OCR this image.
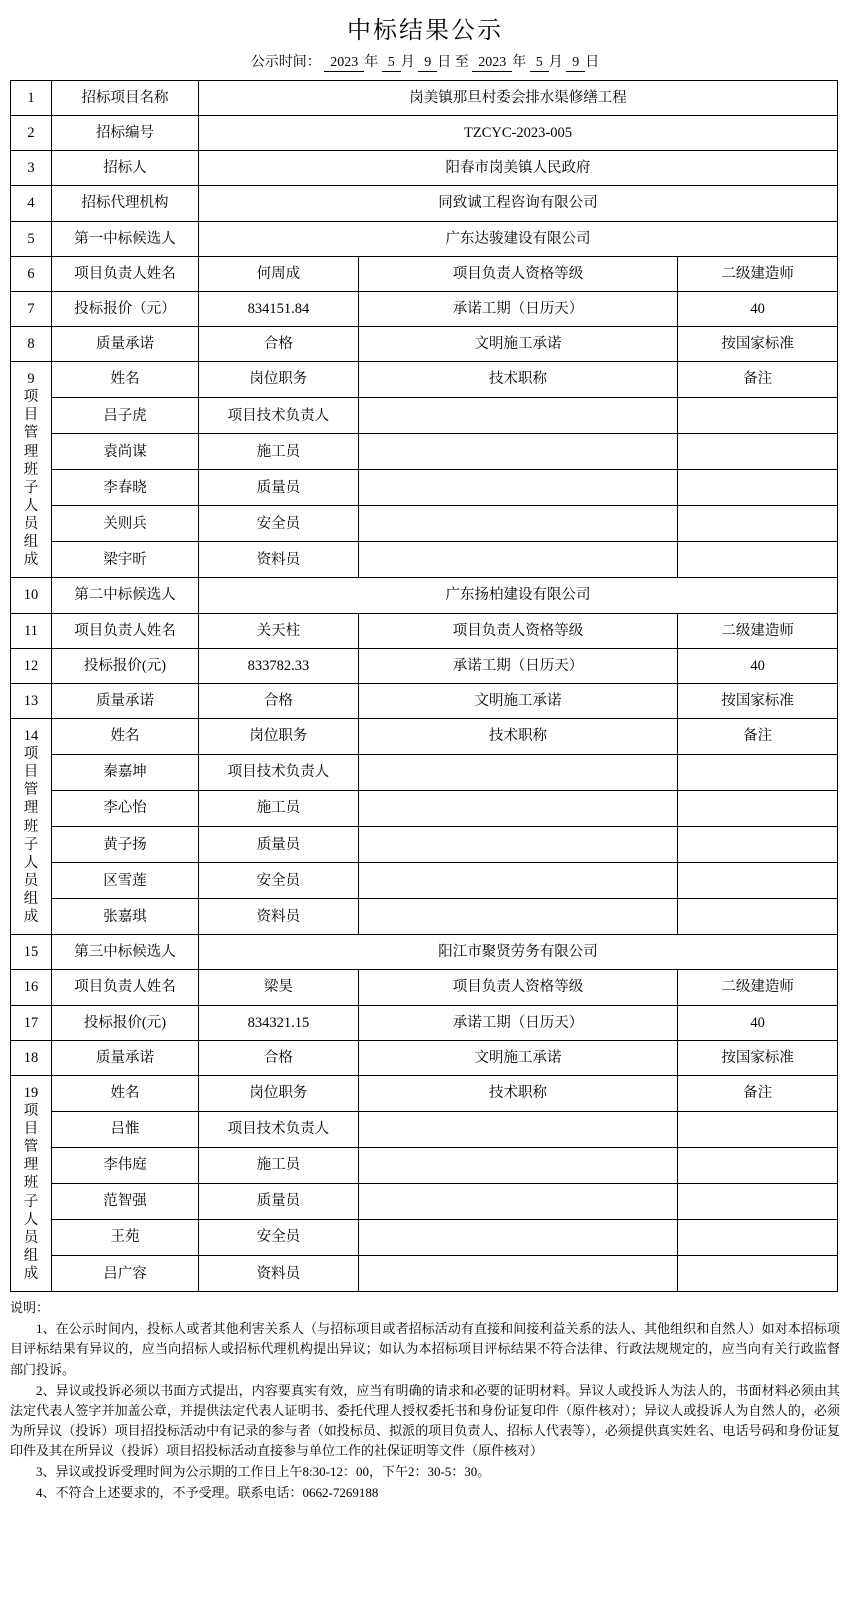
中标结果公示
公示时间： 2023 年 5 月 9 日 至 2023 年 5 月 9 日
1	招标项目名称	岗美镇那旦村委会排水渠修缮工程		
2	招标编号	TZCYC-2023-005		
3	招标人	阳春市岗美镇人民政府		
4	招标代理机构	同致诚工程咨询有限公司		
5	第一中标候选人	广东达骏建设有限公司		
6	项目负责人姓名	何周成	项目负责人资格等级	二级建造师
7	投标报价（元）	834151.84	承诺工期（日历天）	40
8	质量承诺	合格	文明施工承诺	按国家标准

9
项目管理班子人员组成	姓名	岗位职务	技术职称	备注
	吕子虎	项目技术负责人		
	袁尚谋	施工员		
	李春晓	质量员		
	关则兵	安全员		
	梁宇昕	资料员		
10	第二中标候选人	广东扬柏建设有限公司		
11	项目负责人姓名	关天柱	项目负责人资格等级	二级建造师
12	投标报价(元)	833782.33	承诺工期（日历天）	40
13	质量承诺	合格	文明施工承诺	按国家标准

14
项目管理班子人员组成	姓名	岗位职务	技术职称	备注
	秦嘉坤	项目技术负责人		
	李心怡	施工员		
	黄子扬	质量员		
	区雪莲	安全员		
	张嘉琪	资料员		
15	第三中标候选人	阳江市聚贤劳务有限公司		
16	项目负责人姓名	梁昊	项目负责人资格等级	二级建造师
17	投标报价(元)	834321.15	承诺工期（日历天）	40
18	质量承诺	合格	文明施工承诺	按国家标准

19
项目管理班子人员组成	姓名	岗位职务	技术职称	备注
	吕惟	项目技术负责人		
	李伟庭	施工员		
	范智强	质量员		
	王苑	安全员		
	吕广容	资料员		

说明：

1、在公示时间内，投标人或者其他利害关系人（与招标项目或者招标活动有直接和间接利益关系的法人、其他组织和自然人）如对本招标项目评标结果有异议的，应当向招标人或招标代理机构提出异议；如认为本招标项目评标结果不符合法律、行政法规规定的，应当向有关行政监督部门投诉。

2、异议或投诉必须以书面方式提出，内容要真实有效，应当有明确的请求和必要的证明材料。异议人或投诉人为法人的，书面材料必须由其法定代表人签字并加盖公章，并提供法定代表人证明书、委托代理人授权委托书和身份证复印件（原件核对）；异议人或投诉人为自然人的，必须为所异议（投诉）项目招投标活动中有记录的参与者（如投标员、拟派的项目负责人、招标人代表等），必须提供真实姓名、电话号码和身份证复印件及其在所异议（投诉）项目招投标活动直接参与单位工作的社保证明等文件（原件核对）

3、异议或投诉受理时间为公示期的工作日上午8:30-12：00，下午2：30-5：30。

4、不符合上述要求的，不予受理。联系电话：0662-7269188
